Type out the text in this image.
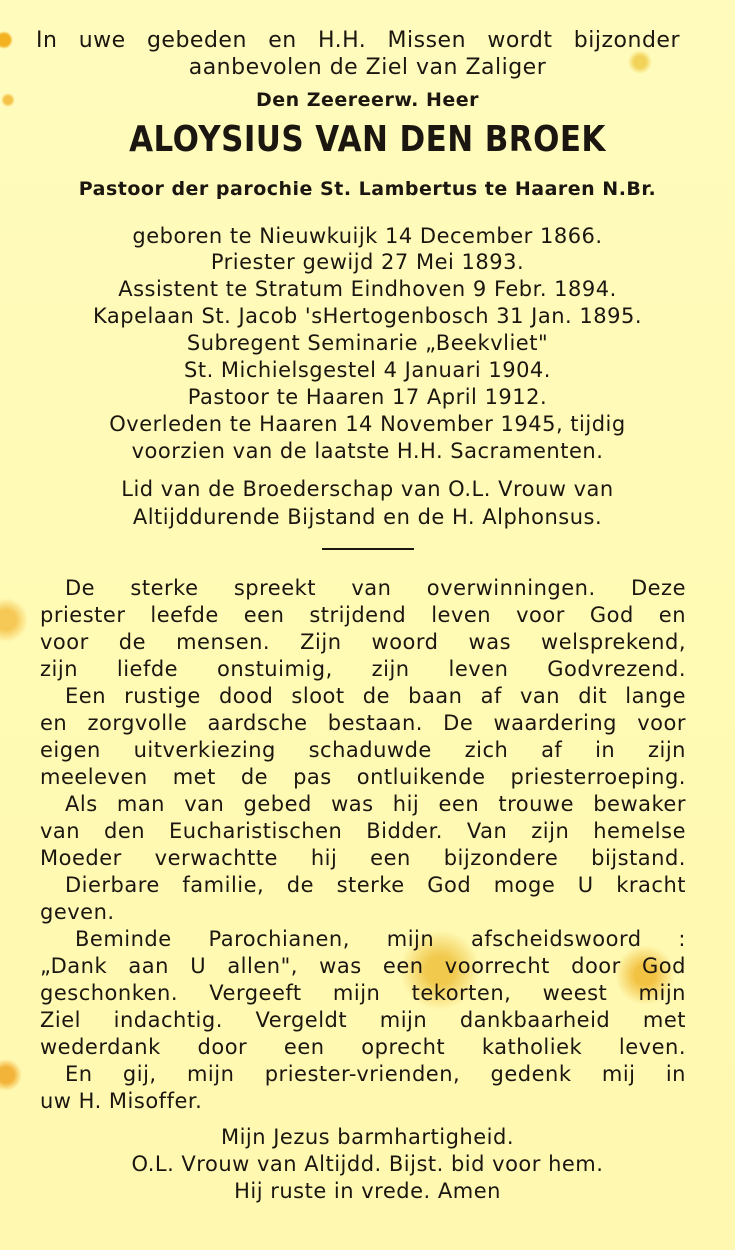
In uwe gebeden en H.H. Missen wordt bijzonder
aanbevolen de Ziel van Zaliger
Den Zeereerw. Heer
ALOYSIUS VAN DEN BROEK
Pastoor der parochie St. Lambertus te Haaren N.Br.
geboren te Nieuwkuijk 14 December 1866.
Priester gewijd 27 Mei 1893.
Assistent te Stratum Eindhoven 9 Febr. 1894.
Kapelaan St. Jacob 'sHertogenbosch 31 Jan. 1895.
Subregent Seminarie „Beekvliet"
St. Michielsgestel 4 Januari 1904.
Pastoor te Haaren 17 April 1912.
Overleden te Haaren 14 November 1945, tijdig
voorzien van de laatste H.H. Sacramenten.
Lid van de Broederschap van O.L. Vrouw van
Altijddurende Bijstand en de H. Alphonsus.
De sterke spreekt van overwinningen. Deze
priester leefde een strijdend leven voor God en
voor de mensen. Zijn woord was welsprekend,
zijn liefde onstuimig, zijn leven Godvrezend.
Een rustige dood sloot de baan af van dit lange
en zorgvolle aardsche bestaan. De waardering voor
eigen uitverkiezing schaduwde zich af in zijn
meeleven met de pas ontluikende priesterroeping.
Als man van gebed was hij een trouwe bewaker
van den Eucharistischen Bidder. Van zijn hemelse
Moeder verwachtte hij een bijzondere bijstand.
Dierbare familie, de sterke God moge U kracht
geven.
Beminde Parochianen, mijn afscheidswoord :
„Dank aan U allen", was een voorrecht door God
geschonken. Vergeeft mijn tekorten, weest mijn
Ziel indachtig. Vergeldt mijn dankbaarheid met
wederdank door een oprecht katholiek leven.
En gij, mijn priester-vrienden, gedenk mij in
uw H. Misoffer.
Mijn Jezus barmhartigheid.
O.L. Vrouw van Altijdd. Bijst. bid voor hem.
Hij ruste in vrede. Amen
